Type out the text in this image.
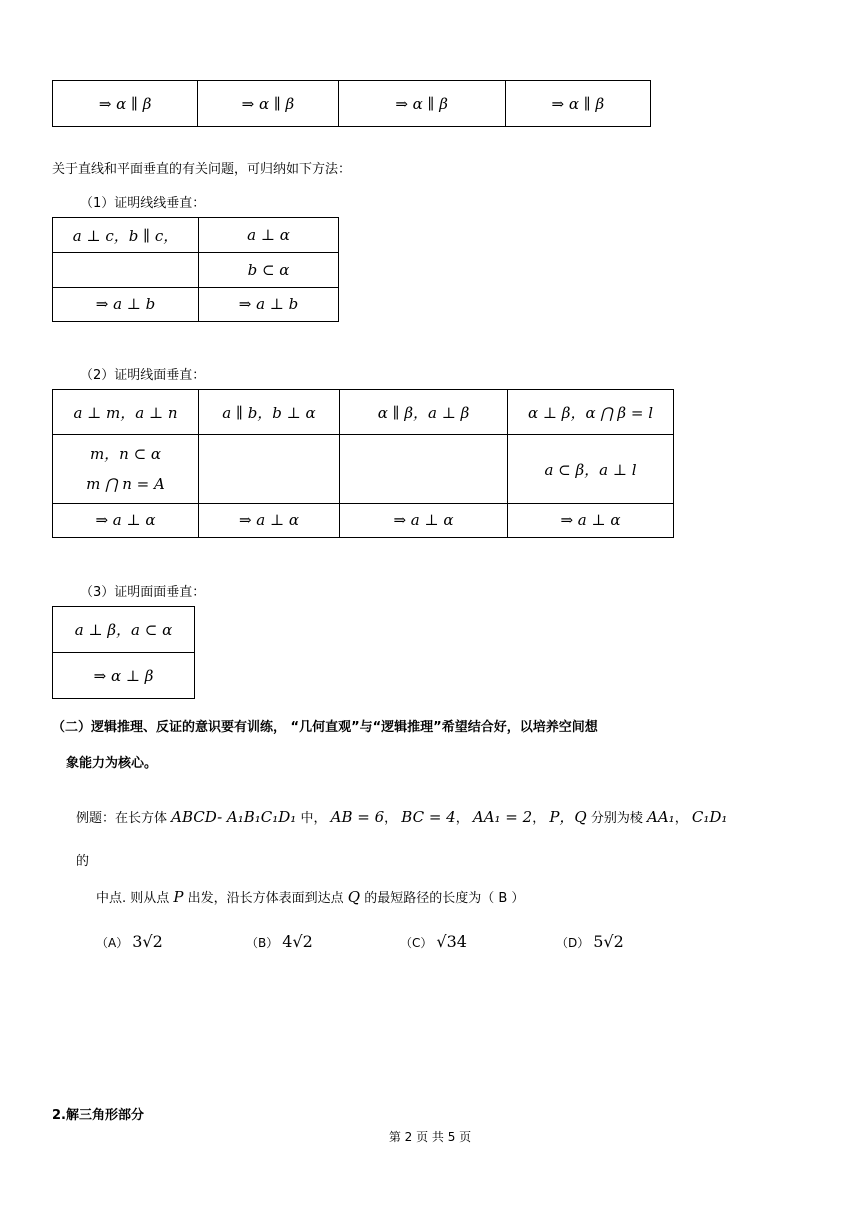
⇒ α ∥ β	⇒ α ∥ β	⇒ α ∥ β	⇒ α ∥ β
关于直线和平面垂直的有关问题，可归纳如下方法：
（1）证明线线垂直：
a ⊥ c，b ∥ c，	a ⊥ α
	b ⊂ α
⇒ a ⊥ b	⇒ a ⊥ b
（2）证明线面垂直：
a ⊥ m，a ⊥ n	a ∥ b，b ⊥ α	α ∥ β，a ⊥ β	α ⊥ β，α ⋂ β = l

m，n ⊂ α
m ⋂ n = A			a ⊂ β，a ⊥ l
⇒ a ⊥ α	⇒ a ⊥ α	⇒ a ⊥ α	⇒ a ⊥ α
（3）证明面面垂直：
a ⊥ β，a ⊂ α
⇒ α ⊥ β
（二）逻辑推理、反证的意识要有训练， “几何直观”与“逻辑推理”希望结合好，以培养空间想
象能力为核心。
例题：在长方体 ABCD- A₁B₁C₁D₁ 中， AB = 6， BC = 4， AA₁ = 2， P，Q 分别为棱 AA₁， C₁D₁
的
中点. 则从点 P 出发，沿长方体表面到达点 Q 的最短路径的长度为（ B ）
（A） 3√2	（B） 4√2	（C） √34	（D） 5√2
2.解三角形部分
第 2 页 共 5 页
